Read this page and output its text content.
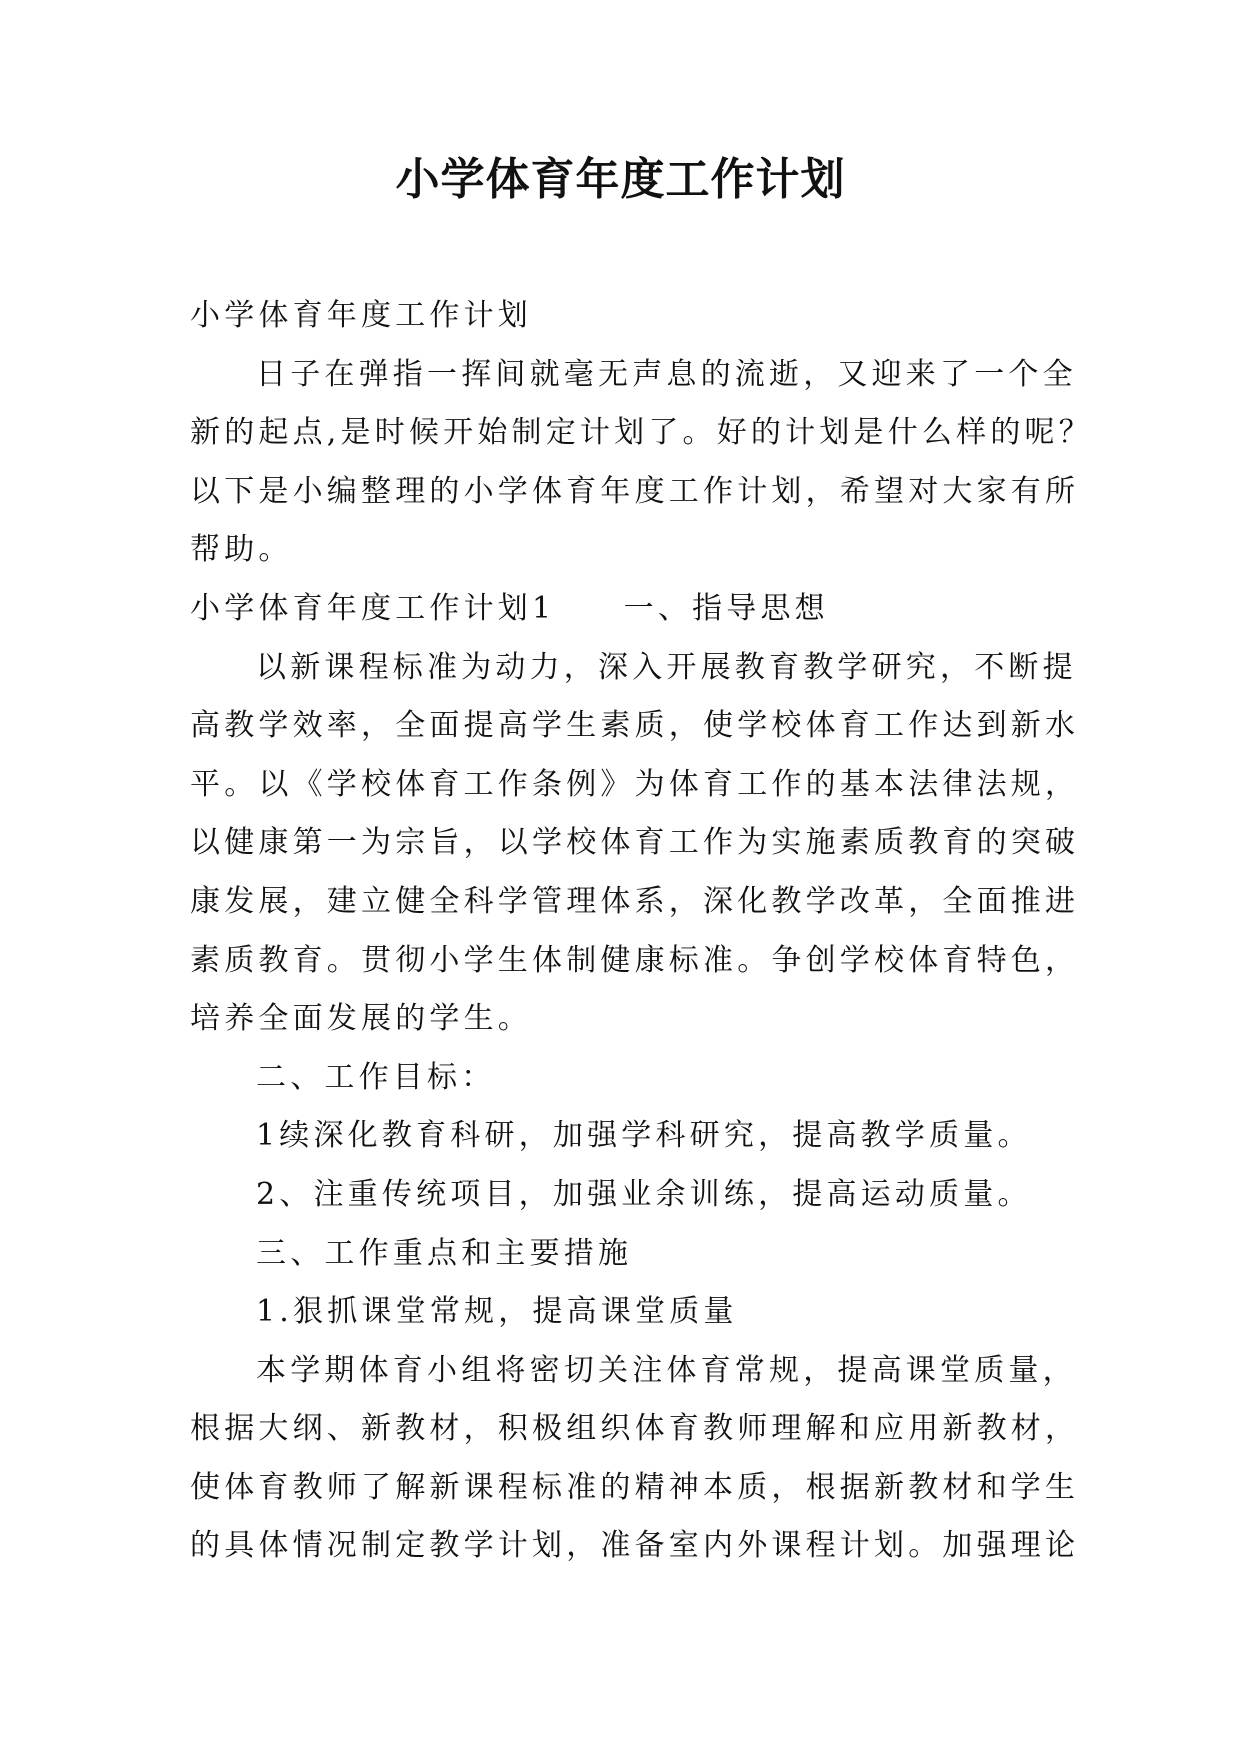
小学体育年度工作计划

小学体育年度工作计划

日子在弹指一挥间就毫无声息的流逝，又迎来了一个全

新的起点,是时候开始制定计划了。好的计划是什么样的呢？

以下是小编整理的小学体育年度工作计划，希望对大家有所

帮助。

小学体育年度工作计划1　　一、指导思想

以新课程标准为动力，深入开展教育教学研究，不断提

高教学效率，全面提高学生素质，使学校体育工作达到新水

平。以《学校体育工作条例》为体育工作的基本法律法规，

以健康第一为宗旨，以学校体育工作为实施素质教育的突破

康发展，建立健全科学管理体系，深化教学改革，全面推进

素质教育。贯彻小学生体制健康标准。争创学校体育特色，

培养全面发展的学生。

二、工作目标：

1续深化教育科研，加强学科研究，提高教学质量。

2、注重传统项目，加强业余训练，提高运动质量。

三、工作重点和主要措施

1.狠抓课堂常规，提高课堂质量

本学期体育小组将密切关注体育常规，提高课堂质量，

根据大纲、新教材，积极组织体育教师理解和应用新教材，

使体育教师了解新课程标准的精神本质，根据新教材和学生

的具体情况制定教学计划，准备室内外课程计划。加强理论
